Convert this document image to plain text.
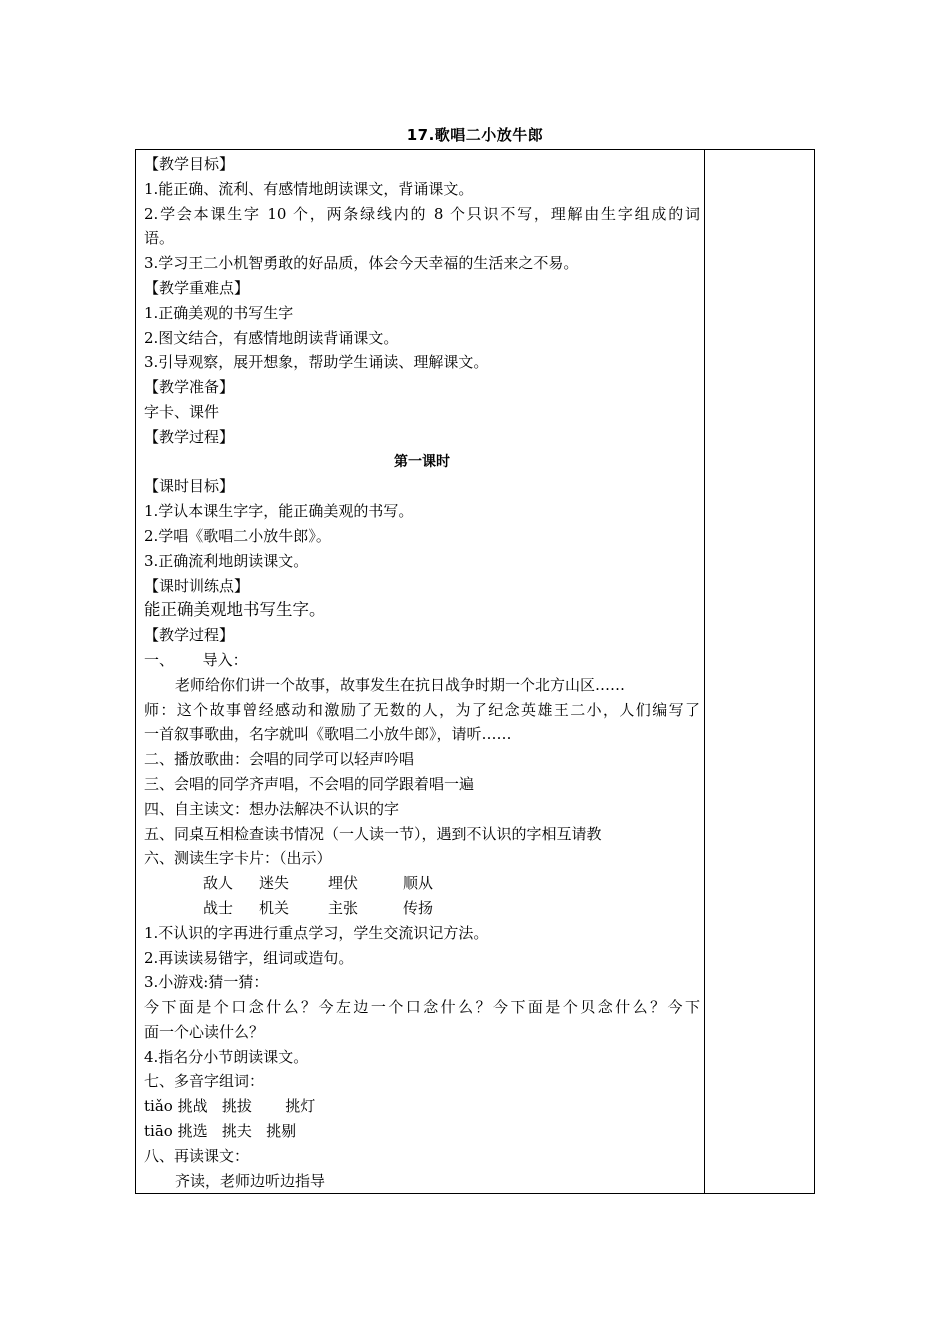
17.歌唱二小放牛郎
【教学目标】
1.能正确、流利、有感情地朗读课文，背诵课文。
2.学会本课生字 10 个，两条绿线内的 8 个只识不写，理解由生字组成的词
语。
3.学习王二小机智勇敢的好品质，体会今天幸福的生活来之不易。
【教学重难点】
1.正确美观的书写生字
2.图文结合，有感情地朗读背诵课文。
3.引导观察，展开想象，帮助学生诵读、理解课文。
【教学准备】
字卡、课件
【教学过程】
第一课时
【课时目标】
1.学认本课生字字，能正确美观的书写。
2.学唱《歌唱二小放牛郎》。
3.正确流利地朗读课文。
【课时训练点】
能正确美观地书写生字。
【教学过程】
一、      导入：
老师给你们讲一个故事，故事发生在抗日战争时期一个北方山区……
师：这个故事曾经感动和激励了无数的人，为了纪念英雄王二小，人们编写了
一首叙事歌曲，名字就叫《歌唱二小放牛郎》，请听……
二、播放歌曲：会唱的同学可以轻声吟唱
三、会唱的同学齐声唱，不会唱的同学跟着唱一遍
四、自主读文：想办法解决不认识的字
五、同桌互相检查读书情况（一人读一节），遇到不认识的字相互请教
六、测读生字卡片：（出示）
敌人 迷失	埋伏	顺从
战士 机关	主张	传扬
1.不认识的字再进行重点学习，学生交流识记方法。
2.再读读易错字，组词或造句。
3.小游戏:猜一猜：
今下面是个口念什么？今左边一个口念什么？今下面是个贝念什么？今下
面一个心读什么？
4.指名分小节朗读课文。
七、多音字组词：
tiǎo 挑战   挑拔       挑灯
tiāo 挑选   挑夫   挑剔
八、再读课文：
齐读，老师边听边指导
